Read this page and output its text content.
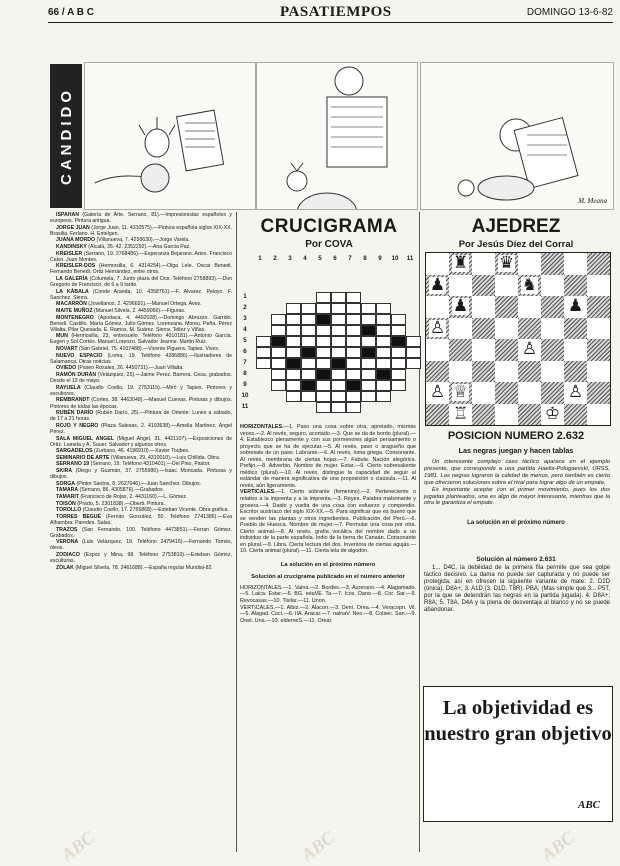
66 / A B C	PASATIEMPOS	DOMINGO 13-6-82
M. Meana
CANDIDO

ISPAHAN (Galería de Arte. Serrano, 81).—Impresionistas españoles y europeos. Pintura antigua.

JORGE JUAN (Jorge Juan, 11. 4310575).—Pintura española siglos XIX-XX. Brasilia. Ferlano. H. Entelgen.

JUANA MORDO (Villanueva, 7. 4258630).—Jorge Varela.

KANDINSKY (Alcalá, 35. 42. 2352292).—Ana Garcia Paz.

KREISLER (Serrano, 19. 2768486).—Esperanza Bejarano. Artes. Francisco Calvo. Juan Montes.

KREISLER-DOS (Hermosilla, 6. 4314254).—Olga Lele. Oscar Benedi. Fernando Benedi. Ortiz Hernández, entre otros.

LA GALERÍA (Columela, 7. Junto plaza del Dos. Teléfono 2758893).—Don Gregorio de Francisco, de 6 a 9 tarde.

LA KÁBALA (Conde Aranda, 10. 4358761).—F. Alvarez. Pelayo. F. Sanchez. Sierra.

MACARRÓN (Jovellanos, 2. 4296691).—Manuel Ortega. Aves.

MAITE MUÑOZ (Manuel Silvela, 2. 4459066).—Figuras.

MONTENEGRO (Apodaca, 4. 4492028).—Domingo Abruzzo. Garrido. Benedi. Castillo. María Gómez. Julio Gómez. Lorenzana. Moreu. Peña. Pérez Villalta. Pilar Quesada. E. Ramos. M. Suárez. Sierra. Tellez y Viñas.

MUN (Hermosilla, 23, entresuelo. Teléfono 4010181).—Antonio Garcia. Eugen y Sol Cortés. Manuel Lorenzo. Salvador Jeanne. Martin Ruiz.

NOVART (San Gabriel, 75. 4107488).—Vicente Piguera. Tapies. Vives.

NUEVO ESPACIO (Loma, 19. Teléfono 4286886).—Ilustradores de Salamanca. Otras noticias.

OVIEDO (Paseo Rosales, 26. 4450731).—Juan Villalta.

RAMÓN DURÁN (Velázquez, 25).—Jaime Perez. Barrera. Cesa, grabados. Desde el 13 de mayo.

RAYUELA (Claudio Coello, 19. 2753115).—Miró y Tapies. Pintores y escultores.

REMBRANDT (Cortes, 38. 4463048).—Manuel Cuevas. Pinturas y dibujos. Pintores de todas las épocas.

RUBÉN DARÍO (Rubén Darío, 25).—Pintura de Oriente. Lunes a sábado, de 17 a 21 horas.

ROJO Y NEGRO (Plaza Salesas, 2. 4193638).—Amelia Martinez. Angel Perez.

SALA MIGUEL ANGEL (Miguel Angel, 31. 4421107).—Exposiciones de Ortiz. Lamela y A. Sauer. Salvador y algunos otros.

SARGADELOS (Zurbano, 46. 4196910).—Xavier Toubes.

SEMINARIO DE ARTE (Villanueva, 29. 4310010).—Luis Chillida. Obra.

SERRANO 19 (Serrano, 19. Teléfono 4310401).—Del Pino, Pastor.

SKIRA (Diego y Guzmán, 37. 2755986).—Isaac Moncada. Pinturas y dibujos.

SORGA (Pintor Santos, 8. 2627046).—Juan Sanchez. Dibujos.

TAMARA (Serrano, 86. 4305876).—Grabados.

TAMARIT (Francisco de Rojas, 2. 4431160).—L. Gómez.

TOISÓN (Prado, 5. 2301838).—Oberti. Pintura.

TOROLLO (Claudio Coello, 17. 2765868).—Esteban Vicente. Obra gráfica.

TORRES BEGUÉ (Fernán González, 50. Teléfono 2741386).—Eva Alhambra. Paredes. Salas.

TRAZOS (San Fernando, 100. Teléfono 4473851).—Ferran Gómez. Grabados.

VERONA (Luis Velázquez, 18. Teléfono 2479416).—Fernando Tornés, óleos.

ZODIACO (Espoz y Mina, 98. Teléfono 2753810).—Esteban Gómez, esculturas.

ZOLAK (Miguel Silvela, 78. 2461688).—España regular Mundial-82.

CRUCIGRAMA
Por COVA
1	2	3	4	5	6	7	8	9	10 11
1
2
3
4
5
6
7
8
9
10
11

HORIZONTALES.—1. Paso una cosa sobre otra, apretado, mismas veces.—2. Al revés, seguro, acortado.—3. Que se da de bordo (plural).—4. Establezco plenamente y con sus pormenores algún pensamiento o proyecto que se ha de ejecutar.—5. Al revés, pavo o aragueño que sobresale de un paso. Labrarse.—6. Al revés, loma griega. Consonante. Al revés, membrana de ciertas hojas.—7. Fabula. Nación alegórica. Prefijo.—8. Adverbio. Nombre de mujer. Estar.—9. Cierto sobresaliente médico (plural).—10. Al revés, distingue la capacidad de seguir al estándar de manera significativa de una proposición o claúsula.—11. Al revés, aún ligeramente.

VERTICALES.—1. Cierto sobrante (femenino).—2. Perteneciente o relativo a la imprenta y a la imprenta.—3. Reyes. Palabra malsonante y grosera.—4. Daido y vuelta de una cosa con esfuerzo y compendio. Escritor austríaco del siglo XIX-XX.—5. Para significar que es bueno que se venden las plantas y otros ingredientes. Publicación del Perú.—6. Pueblo de Huesca. Nombre de mujer.—7. Permutar una cosa por otra. Cierto animal.—8. Al revés, grafía vocálica del nombre dado a un individuo de la parte española. Indio de la tierra de Canaán. Consonante en plural.—9. Libra. Cierta lectura del dos. Inventora de ciertas agujas.—10. Cierta animal (plural).—11. Cierta tela de algodón.

La solución en el próximo número
Solución al crucigrama publicado en el número anterior

HORIZONTALES.—1. Vaina.—2. Bordes.—3. Aurerano.—4. Alagamado.—5. Laica. Estar.—6. BG. eéaVE. Ta.—7. Icos. Dano.—8. Cor. Sar.—9. Revocasas.—10. Tisilar.—11. Unon.

VERTICALES.—1. Albiz.—2. Alacorr.—3. Dení. Orea.—4. Veracopn. Vil.—5. Alagad. Cocl.—6. IIA. Aracar.—7. nalnaV. Neo.—8. Colsec. San.—9. Onet. Una.—10. elderneS.—11. Orear.

AJEDREZ
Por Jesús Díez del Corral
♜ ♛
♟	♞
♟	♟
♙
♙
♙ ♕	♙
♖	♔
POSICION NUMERO 2.632
Las negras juegan y hacen tablas

Un interesante complejo caso táctico aparece en el ejemplo presente, que corresponde a una partida Haella-Polugaevski, URSS, 1981. Las negras lograron la calidad de menos, pero también es cierto que ofrecieron soluciones sobre el rival para lograr algo de un empate.

Es importante aceptar con el primer movimiento, pues los dos jugadas planteados, una es algo de mayor interesante, mientras que la otra le garantiza el empate.

La solución en el próximo número
Solución al número 2.631

1... D4C, la debilidad de la primera fila permite que sea golpe táctico decisivo. La dama no puede ser capturada y no puede ser protegida, así en ofrecen la siguiente variante de mate: 2. D2D (única). D8A+; 3. A1D (3. D1D, T8R). PBA; (Mas simple que 3... P5T, por la que se detendrán las negras en la partida jugada). 4. D8A+; R8A; 5. T8A, D4A y la plena de desventaja al blanco y no se puede abandonar.

La objetividad es nuestro gran objetivo
ABC
ABC	ABC	ABC
